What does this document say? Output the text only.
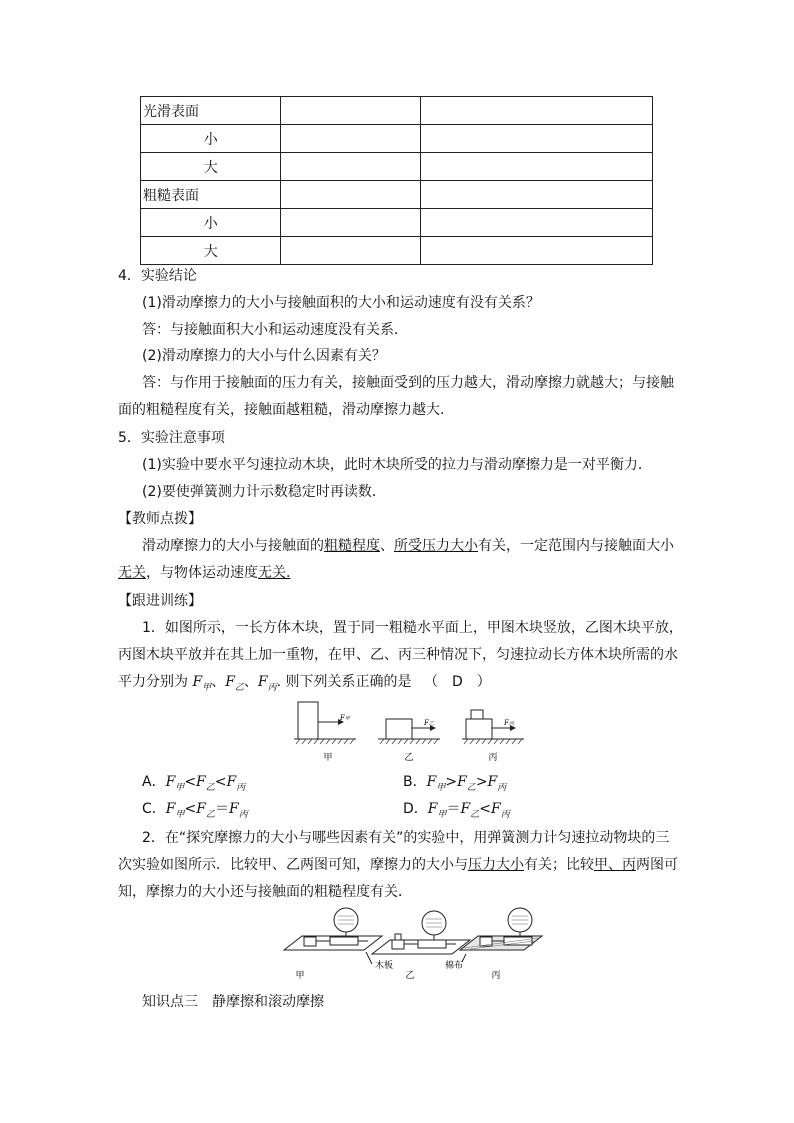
光滑表面		
小		
大		
粗糙表面		
小		
大		
4．实验结论
(1)滑动摩擦力的大小与接触面积的大小和运动速度有没有关系？
答：与接触面积大小和运动速度没有关系．
(2)滑动摩擦力的大小与什么因素有关？
答：与作用于接触面的压力有关，接触面受到的压力越大，滑动摩擦力就越大；与接触
面的粗糙程度有关，接触面越粗糙，滑动摩擦力越大.
5．实验注意事项
(1)实验中要水平匀速拉动木块，此时木块所受的拉力与滑动摩擦力是一对平衡力．
(2)要使弹簧测力计示数稳定时再读数．
【教师点拨】
滑动摩擦力的大小与接触面的粗糙程度、所受压力大小有关，一定范围内与接触面大小
无关，与物体运动速度无关.
【跟进训练】
1．如图所示，一长方体木块，置于同一粗糙水平面上，甲图木块竖放，乙图木块平放，
丙图木块平放并在其上加一重物，在甲、乙、丙三种情况下，匀速拉动长方体木块所需的水
平力分别为 $F_甲$、$F_乙$、$F_丙$. 则下列关系正确的是 （　D　）
F甲	F乙	F丙
甲	乙	丙
A．$F_甲<F_乙<F_丙$	B．$F_甲>F_乙>F_丙$
C．$F_甲<F_乙=F_丙$	D．$F_甲=F_乙<F_丙$
2．在“探究摩擦力的大小与哪些因素有关”的实验中，用弹簧测力计匀速拉动物块的三
次实验如图所示．比较甲、乙两图可知，摩擦力的大小与压力大小有关；比较甲、丙两图可
知，摩擦力的大小还与接触面的粗糙程度有关．
甲
木板
乙
棉布
丙
知识点三　静摩擦和滚动摩擦
